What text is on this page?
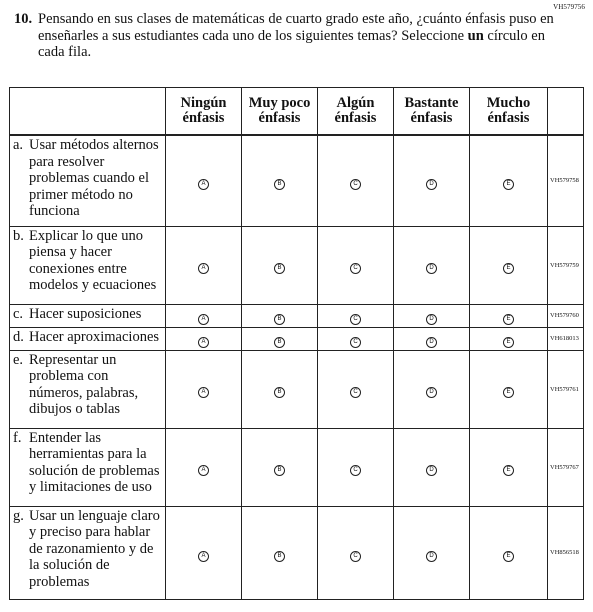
VH579756
10. Pensando en sus clases de matemáticas de cuarto grado este año, ¿cuánto énfasis puso en enseñarles a sus estudiantes cada uno de los siguientes temas? Seleccione un círculo en cada fila.
	Ningún
énfasis	Muy poco
énfasis	Algún
énfasis	Bastante
énfasis	Mucho
énfasis	

a. Usar métodos alternos para resolver problemas cuando el primer método no funciona	A	B	C	D	E	VH579758

b. Explicar lo que uno piensa y hacer conexiones entre modelos y ecuaciones	A	B	C	D	E	VH579759

c. Hacer suposiciones	A	B	C	D	E	VH579760

d. Hacer aproximaciones	A	B	C	D	E	VH618013

e. Representar un problema con números, palabras, dibujos o tablas	A	B	C	D	E	VH579761

f. Entender las herramientas para la solución de problemas y limitaciones de uso	A	B	C	D	E	VH579767

g. Usar un lenguaje claro y preciso para hablar de razonamiento y de la solución de problemas	A	B	C	D	E	VH856518
